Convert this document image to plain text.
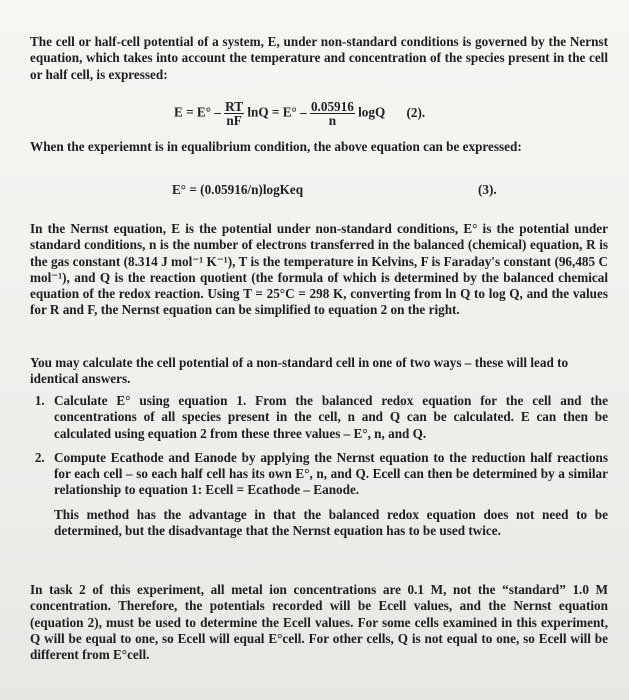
The cell or half-cell potential of a system, E, under non-standard conditions is governed by the Nernst equation, which takes into account the temperature and concentration of the species present in the cell or half cell, is expressed:

$E = E^\circ - \frac{RT}{nF}$ $\ln Q = E^\circ - \frac{0.05916}{n}$ logQ (2).

When the experiemnt is in equalibrium condition, the above equation can be expressed:

E° = (0.05916/n)logKeq	(3).

In the Nernst equation, E is the potential under non-standard conditions, E° is the potential under standard conditions, n is the number of electrons transferred in the balanced (chemical) equation, R is the gas constant (8.314 J mol⁻¹ K⁻¹), T is the temperature in Kelvins, F is Faraday's constant (96,485 C mol⁻¹), and Q is the reaction quotient (the formula of which is determined by the balanced chemical equation of the redox reaction. Using T = 25°C = 298 K, converting from ln Q to log Q, and the values for R and F, the Nernst equation can be simplified to equation 2 on the right.

You may calculate the cell potential of a non-standard cell in one of two ways – these will lead to identical answers.

1. Calculate E° using equation 1. From the balanced redox equation for the cell and the concentrations of all species present in the cell, n and Q can be calculated. E can then be calculated using equation 2 from these three values – E°, n, and Q.
2. Compute Ecathode and Eanode by applying the Nernst equation to the reduction half reactions for each cell – so each half cell has its own E°, n, and Q. Ecell can then be determined by a similar relationship to equation 1: Ecell = Ecathode – Eanode.

This method has the advantage in that the balanced redox equation does not need to be determined, but the disadvantage that the Nernst equation has to be used twice.

In task 2 of this experiment, all metal ion concentrations are 0.1 M, not the “standard” 1.0 M concentration. Therefore, the potentials recorded will be Ecell values, and the Nernst equation (equation 2), must be used to determine the Ecell values. For some cells examined in this experiment, Q will be equal to one, so Ecell will equal E°cell. For other cells, Q is not equal to one, so Ecell will be different from E°cell.
